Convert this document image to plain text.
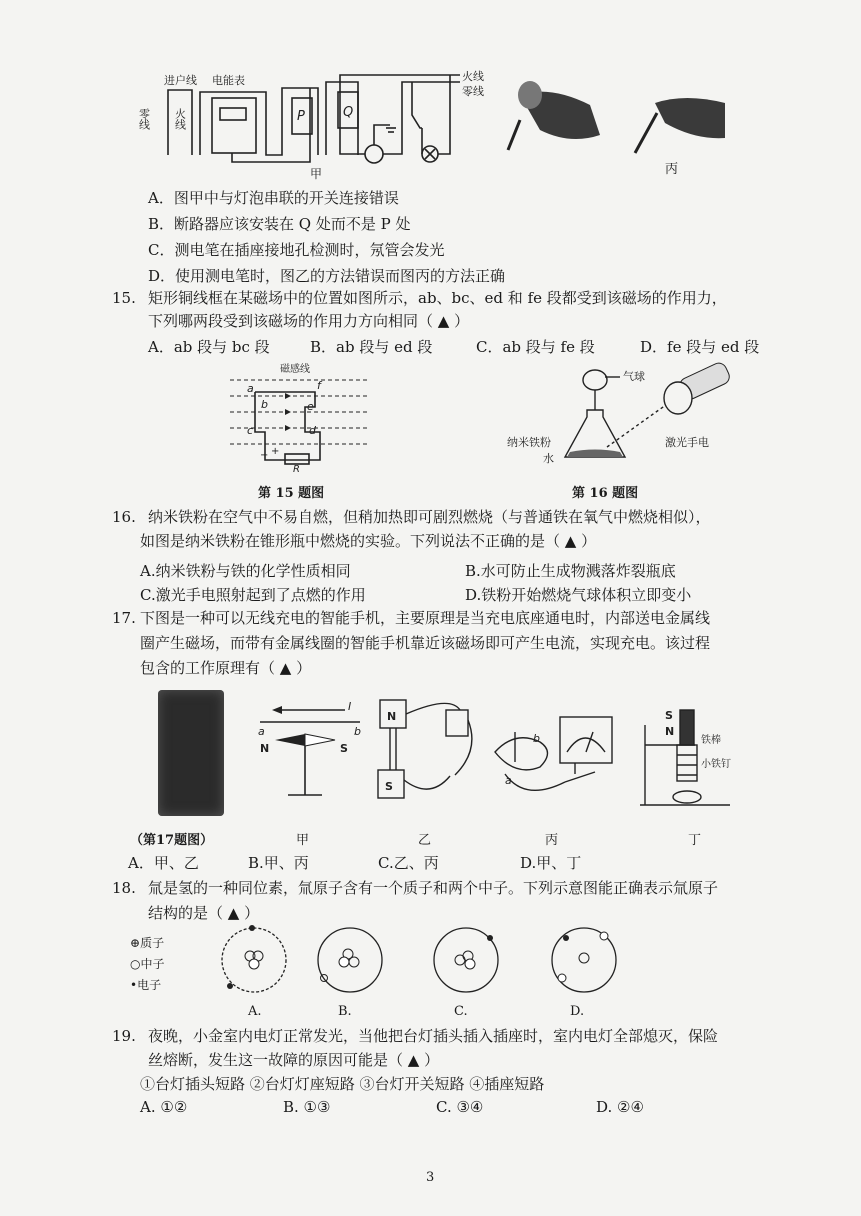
进户线 电能表
零线 火线	P	Q
火线
零线
甲	丙
A．图甲中与灯泡串联的开关连接错误
B．断路器应该安装在 Q 处而不是 P 处
C．测电笔在插座接地孔检测时，氖管会发光
D．使用测电笔时，图乙的方法错误而图丙的方法正确
15. 矩形铜线框在某磁场中的位置如图所示，ab、bc、ed 和 fe 段都受到该磁场的作用力，
下列哪两段受到该磁场的作用力方向相同（ ▲ ）
A．ab 段与 bc 段	B．ab 段与 ed 段	C．ab 段与 fe 段	D．fe 段与 ed 段
磁感线
a	f
b	e
c	d
− +
R
第 15 题图
气球
激光手电
纳米铁粉
水
第 16 题图
16. 纳米铁粉在空气中不易自燃，但稍加热即可剧烈燃烧（与普通铁在氧气中燃烧相似），
如图是纳米铁粉在锥形瓶中燃烧的实验。下列说法不正确的是（ ▲ ）
A.纳米铁粉与铁的化学性质相同	B.水可防止生成物溅落炸裂瓶底
C.激光手电照射起到了点燃的作用	D.铁粉开始燃烧气球体积立即变小
17. 下图是一种可以无线充电的智能手机，主要原理是当充电底座通电时，内部送电金属线
圈产生磁场，而带有金属线圈的智能手机靠近该磁场即可产生电流，实现充电。该过程
包含的工作原理有（ ▲ ）
I
a	b
N	S
N
S
b
a
S
N
铁棒
小铁钉
（第17题图）	甲	乙	丙	丁
A．甲、乙	B.甲、丙	C.乙、丙	D.甲、丁
18. 氚是氢的一种同位素，氚原子含有一个质子和两个中子。下列示意图能正确表示氚原子
结构的是（ ▲ ）
⊕质子
○中子
•电子
A.	B.	C.	D.
19. 夜晚，小金室内电灯正常发光，当他把台灯插头插入插座时，室内电灯全部熄灭，保险
丝熔断，发生这一故障的原因可能是（ ▲ ）
①台灯插头短路 ②台灯灯座短路 ③台灯开关短路 ④插座短路
A. ①②	B. ①③	C. ③④	D. ②④
3
